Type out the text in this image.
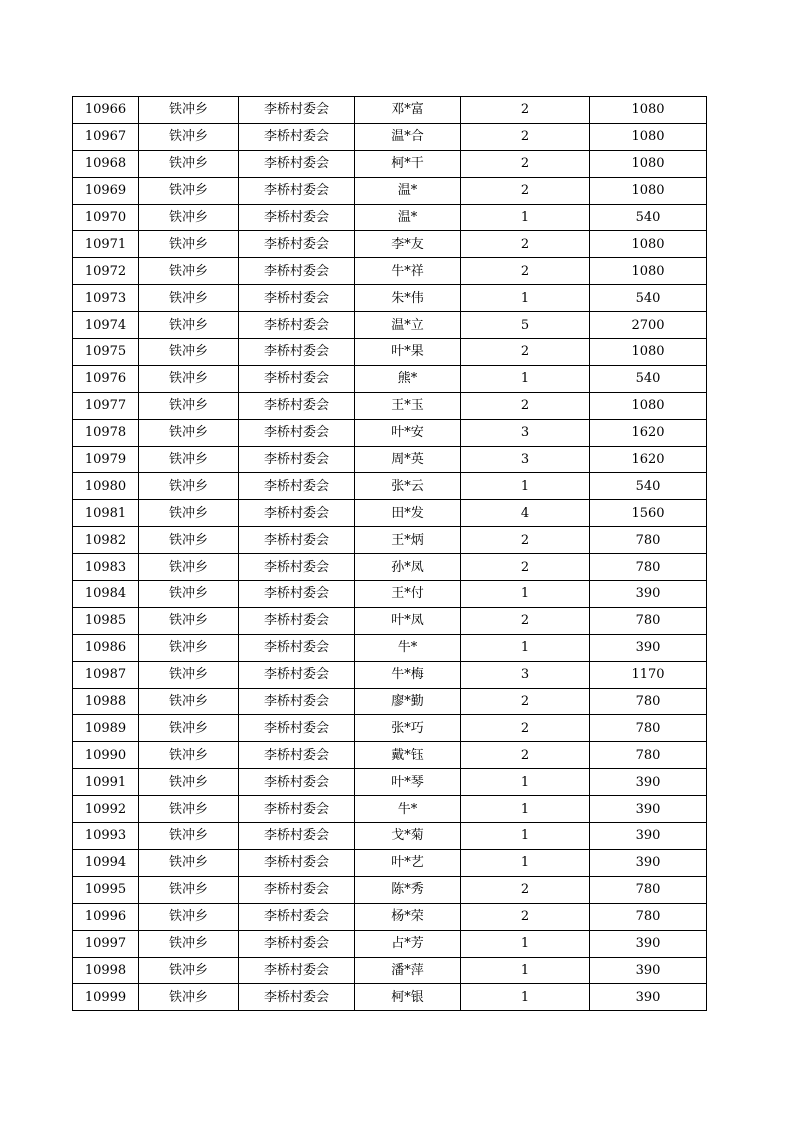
10966	铁冲乡	李桥村委会	邓*富	2	1080
10967	铁冲乡	李桥村委会	温*合	2	1080
10968	铁冲乡	李桥村委会	柯*干	2	1080
10969	铁冲乡	李桥村委会	温*	2	1080
10970	铁冲乡	李桥村委会	温*	1	540
10971	铁冲乡	李桥村委会	李*友	2	1080
10972	铁冲乡	李桥村委会	牛*祥	2	1080
10973	铁冲乡	李桥村委会	朱*伟	1	540
10974	铁冲乡	李桥村委会	温*立	5	2700
10975	铁冲乡	李桥村委会	叶*果	2	1080
10976	铁冲乡	李桥村委会	熊*	1	540
10977	铁冲乡	李桥村委会	王*玉	2	1080
10978	铁冲乡	李桥村委会	叶*安	3	1620
10979	铁冲乡	李桥村委会	周*英	3	1620
10980	铁冲乡	李桥村委会	张*云	1	540
10981	铁冲乡	李桥村委会	田*发	4	1560
10982	铁冲乡	李桥村委会	王*炳	2	780
10983	铁冲乡	李桥村委会	孙*凤	2	780
10984	铁冲乡	李桥村委会	王*付	1	390
10985	铁冲乡	李桥村委会	叶*凤	2	780
10986	铁冲乡	李桥村委会	牛*	1	390
10987	铁冲乡	李桥村委会	牛*梅	3	1170
10988	铁冲乡	李桥村委会	廖*勤	2	780
10989	铁冲乡	李桥村委会	张*巧	2	780
10990	铁冲乡	李桥村委会	戴*钰	2	780
10991	铁冲乡	李桥村委会	叶*琴	1	390
10992	铁冲乡	李桥村委会	牛*	1	390
10993	铁冲乡	李桥村委会	戈*菊	1	390
10994	铁冲乡	李桥村委会	叶*艺	1	390
10995	铁冲乡	李桥村委会	陈*秀	2	780
10996	铁冲乡	李桥村委会	杨*荣	2	780
10997	铁冲乡	李桥村委会	占*芳	1	390
10998	铁冲乡	李桥村委会	潘*萍	1	390
10999	铁冲乡	李桥村委会	柯*银	1	390
